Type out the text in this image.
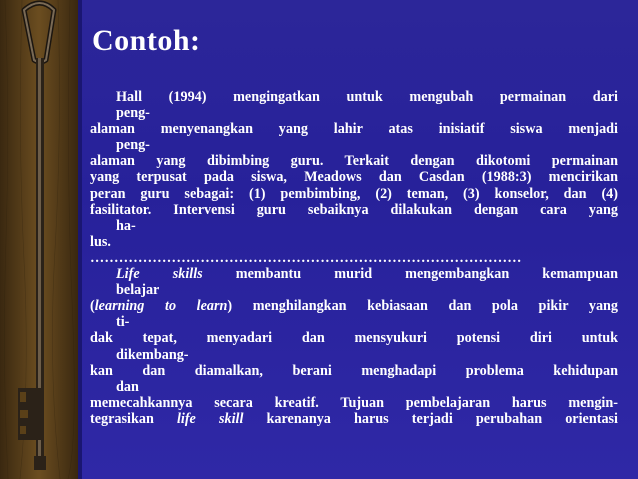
Contoh:
Hall (1994) mengingatkan untuk mengubah permainan dari
peng-
alaman menyenangkan yang lahir atas inisiatif siswa menjadi
peng-
alaman yang dibimbing guru. Terkait dengan dikotomi permainan
yang terpusat pada siswa, Meadows dan Casdan (1988:3) mencirikan
peran guru sebagai: (1) pembimbing, (2) teman, (3) konselor, dan (4)
fasilitator. Intervensi guru sebaiknya dilakukan dengan cara yang
ha-
lus.
………………………………………………………………………………
Life skills membantu murid mengembangkan kemampuan
belajar
(learning to learn) menghilangkan kebiasaan dan pola pikir yang
ti-
dak tepat, menyadari dan mensyukuri potensi diri untuk
dikembang-
kan dan diamalkan, berani menghadapi problema kehidupan
dan
memecahkannya secara kreatif. Tujuan pembelajaran harus mengin-
tegrasikan life skill karenanya harus terjadi perubahan orientasi
